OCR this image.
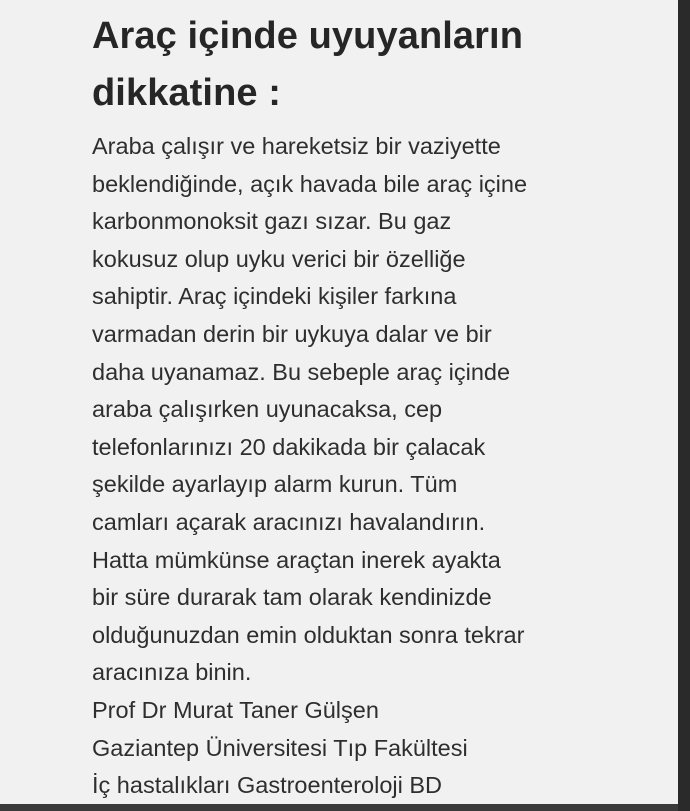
Araç içinde uyuyanların
dikkatine :
Araba çalışır ve hareketsiz bir vaziyette
beklendiğinde, açık havada bile araç içine
karbonmonoksit gazı sızar. Bu gaz
kokusuz olup uyku verici bir özelliğe
sahiptir. Araç içindeki kişiler farkına
varmadan derin bir uykuya dalar ve bir
daha uyanamaz. Bu sebeple araç içinde
araba çalışırken uyunacaksa, cep
telefonlarınızı 20 dakikada bir çalacak
şekilde ayarlayıp alarm kurun. Tüm
camları açarak aracınızı havalandırın.
Hatta mümkünse araçtan inerek ayakta
bir süre durarak tam olarak kendinizde
olduğunuzdan emin olduktan sonra tekrar
aracınıza binin.
Prof Dr Murat Taner Gülşen
Gaziantep Üniversitesi Tıp Fakültesi
İç hastalıkları Gastroenteroloji BD
